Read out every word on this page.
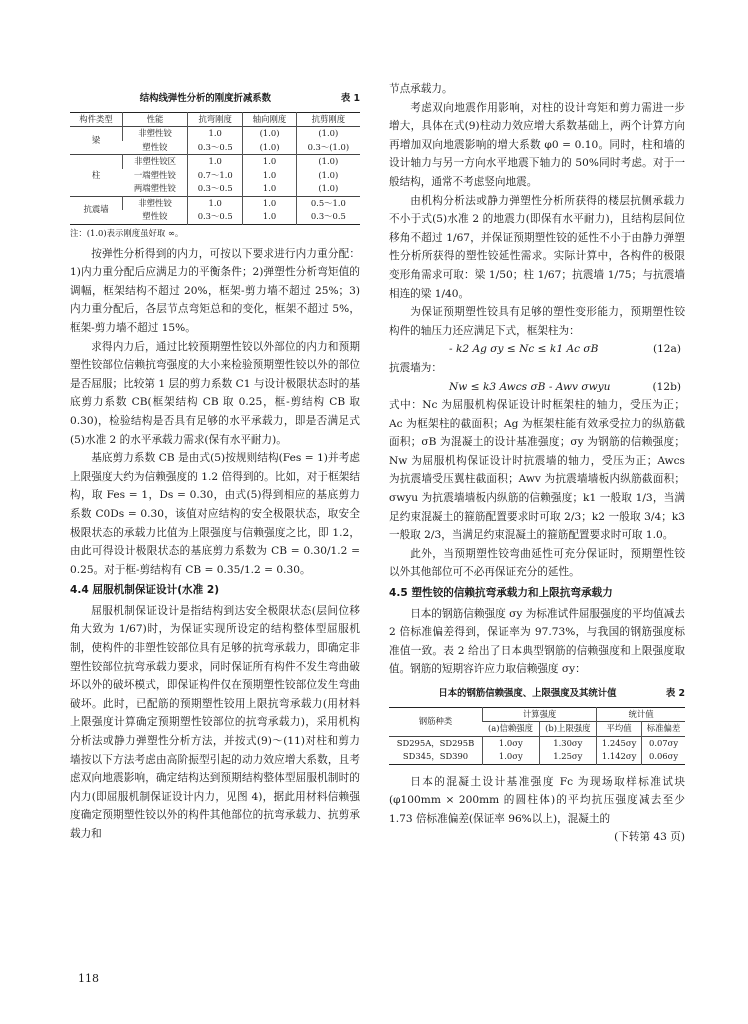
结构线弹性分析的刚度折减系数	表 1
构件类型	性能	抗弯刚度	轴向刚度	抗剪刚度
梁	非塑性铰	1.0	(1.0)	(1.0)
	塑性铰	0.3～0.5	(1.0)	0.3～(1.0)
柱	非塑性铰区	1.0	1.0	(1.0)
	一端塑性铰	0.7～1.0	1.0	(1.0)
	两端塑性铰	0.3～0.5	1.0	(1.0)
抗震墙	非塑性铰	1.0	1.0	0.5～1.0
	塑性铰	0.3～0.5	1.0	0.3～0.5
注：(1.0)表示刚度虽好取 ∞。

按弹性分析得到的内力，可按以下要求进行内力重分配：1)内力重分配后应满足力的平衡条件；2)弹塑性分析弯矩值的调幅，框架结构不超过 20%，框架-剪力墙不超过 25%；3)内力重分配后，各层节点弯矩总和的变化，框架不超过 5%，框架-剪力墙不超过 15%。

求得内力后，通过比较预期塑性铰以外部位的内力和预期塑性铰部位信赖抗弯强度的大小来检验预期塑性铰以外的部位是否屈服；比较第 1 层的剪力系数 C1 与设计极限状态时的基底剪力系数 CB(框架结构 CB 取 0.25，框-剪结构 CB 取 0.30)，检验结构是否具有足够的水平承载力，即是否满足式(5)水准 2 的水平承载力需求(保有水平耐力)。

基底剪力系数 CB 是由式(5)按规则结构(Fes = 1)并考虑上限强度大约为信赖强度的 1.2 倍得到的。比如，对于框架结构，取 Fes = 1，Ds = 0.30，由式(5)得到相应的基底剪力系数 C0Ds = 0.30，该值对应结构的安全极限状态，取安全极限状态的承载力比值为上限强度与信赖强度之比，即 1.2，由此可得设计极限状态的基底剪力系数为 CB = 0.30/1.2 = 0.25。对于框-剪结构有 CB = 0.35/1.2 = 0.30。

4.4 屈服机制保证设计(水准 2)

屈服机制保证设计是指结构到达安全极限状态(层间位移角大致为 1/67)时，为保证实现所设定的结构整体型屈服机制，使构件的非塑性铰部位具有足够的抗弯承载力，即确定非塑性铰部位抗弯承载力要求，同时保证所有构件不发生弯曲破坏以外的破坏模式，即保证构件仅在预期塑性铰部位发生弯曲破坏。此时，已配筋的预期塑性铰用上限抗弯承载力(用材料上限强度计算确定预期塑性铰部位的抗弯承载力)，采用机构分析法或静力弹塑性分析方法，并按式(9)～(11)对柱和剪力墙按以下方法考虑由高阶振型引起的动力效应增大系数，且考虑双向地震影响，确定结构达到预期结构整体型屈服机制时的内力(即屈服机制保证设计内力，见图 4)，据此用材料信赖强度确定预期塑性铰以外的构件其他部位的抗弯承载力、抗剪承载力和

118

节点承载力。

考虑双向地震作用影响，对柱的设计弯矩和剪力需进一步增大，具体在式(9)柱动力效应增大系数基础上，两个计算方向再增加双向地震影响的增大系数 φ0 = 0.10。同时，柱和墙的设计轴力与另一方向水平地震下轴力的 50%同时考虑。对于一般结构，通常不考虑竖向地震。

由机构分析法或静力弹塑性分析所获得的楼层抗侧承载力不小于式(5)水准 2 的地震力(即保有水平耐力)，且结构层间位移角不超过 1/67，并保证预期塑性铰的延性不小于由静力弹塑性分析所获得的塑性铰延性需求。实际计算中，各构件的极限变形角需求可取：梁 1/50；柱 1/67；抗震墙 1/75；与抗震墙相连的梁 1/40。

为保证预期塑性铰具有足够的塑性变形能力，预期塑性铰构件的轴压力还应满足下式，框架柱为：

- k2 Ag σy ≤ Nc ≤ k1 Ac σB	(12a)

抗震墙为：

Nw ≤ k3 Awcs σB - Awv σwyu	(12b)

式中：Nc 为屈服机构保证设计时框架柱的轴力，受压为正；Ac 为框架柱的截面积；Ag 为框架柱能有效承受拉力的纵筋截面积；σB 为混凝土的设计基准强度；σy 为钢筋的信赖强度；Nw 为屈服机构保证设计时抗震墙的轴力，受压为正；Awcs 为抗震墙受压翼柱截面积；Awv 为抗震墙墙板内纵筋截面积；σwyu 为抗震墙墙板内纵筋的信赖强度；k1 一般取 1/3，当满足约束混凝土的箍筋配置要求时可取 2/3；k2 一般取 3/4；k3 一般取 2/3，当满足约束混凝土的箍筋配置要求时可取 1.0。

此外，当预期塑性铰弯曲延性可充分保证时，预期塑性铰以外其他部位可不必再保证充分的延性。

4.5 塑性铰的信赖抗弯承载力和上限抗弯承载力

日本的钢筋信赖强度 σy 为标准试件屈服强度的平均值减去 2 倍标准偏差得到，保证率为 97.73%，与我国的钢筋强度标准值一致。表 2 给出了日本典型钢筋的信赖强度和上限强度取值。钢筋的短期容许应力取信赖强度 σy：

日本的钢筋信赖强度、上限强度及其统计值	表 2
钢筋种类	计算强度		统计值	
	(a)信赖强度	(b)上限强度	平均值	标准偏差
SD295A，SD295B	1.0σy	1.30σy	1.245σy	0.07σy
SD345，SD390	1.0σy	1.25σy	1.142σy	0.06σy

日本的混凝土设计基准强度 Fc 为现场取样标准试块(φ100mm × 200mm 的圆柱体)的平均抗压强度减去至少 1.73 倍标准偏差(保证率 96%以上)，混凝土的

(下转第 43 页)
